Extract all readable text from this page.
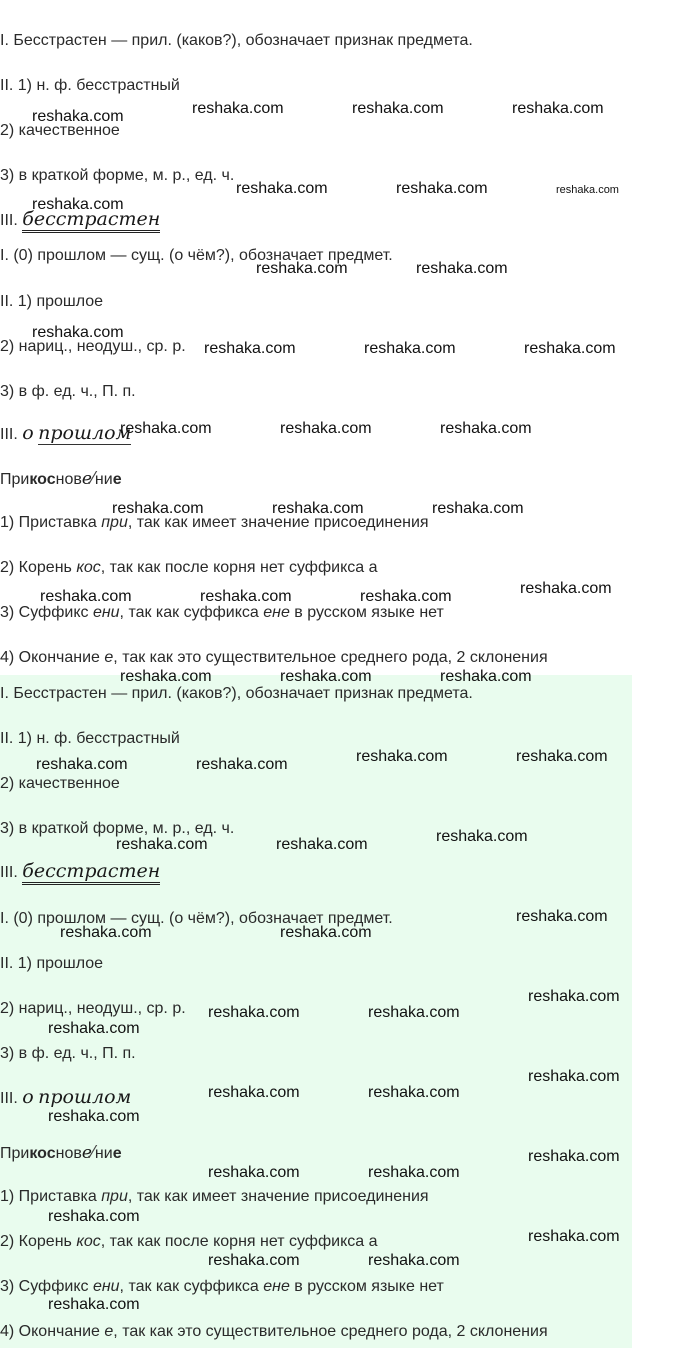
I. Бесстрастен — прил. (каков?), обозначает признак предмета.
II. 1) н. ф. бесстрастный
2) качественное
3) в краткой форме, м. р., ед. ч.
III. бесстрастен
I. (0) прошлом — сущ. (о чём?), обозначает предмет.
II. 1) прошлое
2) нариц., неодуш., ср. р.
3) в ф. ед. ч., П. п.
III. о прошлом
Прикоснове⁄ние
1) Приставка при, так как имеет значение присоединения
2) Корень кос, так как после корня нет суффикса а
3) Суффикс ени, так как суффикса ене в русском языке нет
4) Окончание е, так как это существительное среднего рода, 2 склонения
I. Бесстрастен — прил. (каков?), обозначает признак предмета.
II. 1) н. ф. бесстрастный
2) качественное
3) в краткой форме, м. р., ед. ч.
III. бесстрастен
I. (0) прошлом — сущ. (о чём?), обозначает предмет.
II. 1) прошлое
2) нариц., неодуш., ср. р.
3) в ф. ед. ч., П. п.
III. о прошлом
Прикоснове⁄ние
1) Приставка при, так как имеет значение присоединения
2) Корень кос, так как после корня нет суффикса а
3) Суффикс ени, так как суффикса ене в русском языке нет
4) Окончание е, так как это существительное среднего рода, 2 склонения
reshaka.com	reshaka.com	reshaka.com	reshaka.com
reshaka.com	reshaka.com	reshaka.com
reshaka.com
reshaka.com	reshaka.com
reshaka.com
reshaka.com	reshaka.com	reshaka.com
reshaka.com	reshaka.com	reshaka.com
reshaka.com	reshaka.com	reshaka.com
reshaka.com
reshaka.com	reshaka.com	reshaka.com
reshaka.com	reshaka.com	reshaka.com
reshaka.com	reshaka.com
reshaka.com	reshaka.com
reshaka.com
reshaka.com	reshaka.com
reshaka.com
reshaka.com	reshaka.com
reshaka.com
reshaka.com	reshaka.com
reshaka.com
reshaka.com
reshaka.com	reshaka.com
reshaka.com
reshaka.com
reshaka.com	reshaka.com
reshaka.com
reshaka.com
reshaka.com	reshaka.com
reshaka.com
